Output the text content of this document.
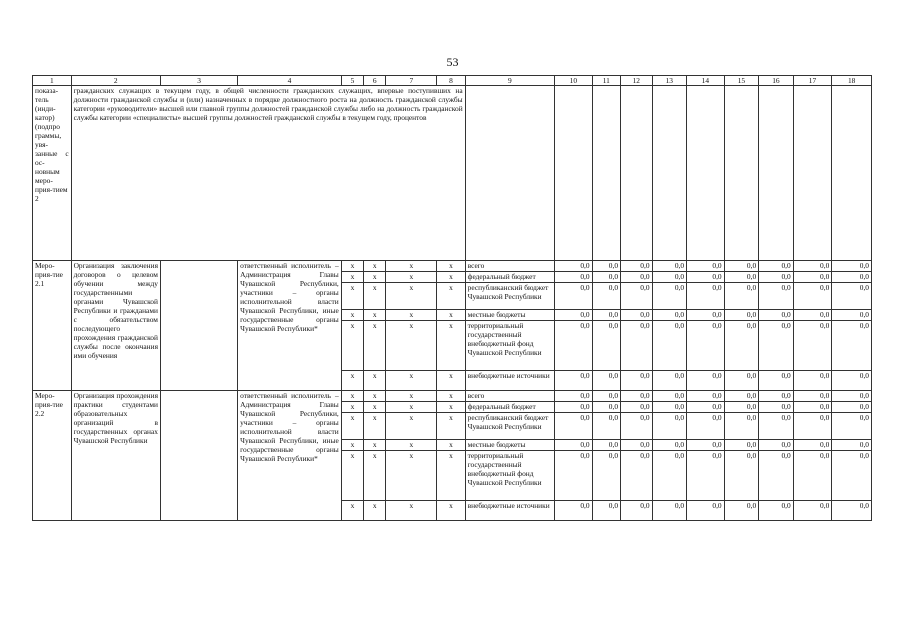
53
1	2	3	4	5	6	7	8	9	10	11	12	13	14	15	16	17	18
показа-тель (инди-катор) (подпро граммы, увя-занные с ос-новным меро-прия-тием 2	гражданских служащих в текущем году, в общей численности гражданских служащих, впервые поступивших на должности гражданской службы и (или) назначенных в порядке должностного роста на должность гражданской службы категории «руководители» высшей или главной группы должностей гражданской службы либо на должность гражданской службы категории «специалисты» высшей группы должностей гражданской службы в текущем году, процентов																
Меро-прия-тие 2.1	Организация заключения договоров о целевом обучении между государственными органами Чувашской Республики и гражданами с обязательством последующего прохождения гражданской службы после окончания ими обучения		ответственный исполнитель – Администрация Главы Чувашской Республики, участники – органы исполнительной власти Чувашской Республики, иные государственные органы Чувашской Республики*	х	х	х	х	всего	0,0	0,0	0,0	0,0	0,0	0,0	0,0	0,0	0,0
				х	х	х	х	федеральный бюджет	0,0	0,0	0,0	0,0	0,0	0,0	0,0	0,0	0,0
				х	х	х	х	республиканский бюджет Чувашской Республики	0,0	0,0	0,0	0,0	0,0	0,0	0,0	0,0	0,0
				х	х	х	х	местные бюджеты	0,0	0,0	0,0	0,0	0,0	0,0	0,0	0,0	0,0
				х	х	х	х	территориальный государственный внебюджетный фонд Чувашской Республики	0,0	0,0	0,0	0,0	0,0	0,0	0,0	0,0	0,0
				х	х	х	х	внебюджетные источники	0,0	0,0	0,0	0,0	0,0	0,0	0,0	0,0	0,0
Меро-прия-тие 2.2	Организация прохождения практики студентами образовательных организаций в государственных органах Чувашской Республики		ответственный исполнитель – Администрация Главы Чувашской Республики, участники – органы исполнительной власти Чувашской Республики, иные государственные органы Чувашской Республики*	х	х	х	х	всего	0,0	0,0	0,0	0,0	0,0	0,0	0,0	0,0	0,0
				х	х	х	х	федеральный бюджет	0,0	0,0	0,0	0,0	0,0	0,0	0,0	0,0	0,0
				х	х	х	х	республиканский бюджет Чувашской Республики	0,0	0,0	0,0	0,0	0,0	0,0	0,0	0,0	0,0
				х	х	х	х	местные бюджеты	0,0	0,0	0,0	0,0	0,0	0,0	0,0	0,0	0,0
				х	х	х	х	территориальный государственный внебюджетный фонд Чувашской Республики	0,0	0,0	0,0	0,0	0,0	0,0	0,0	0,0	0,0
				х	х	х	х	внебюджетные источники	0,0	0,0	0,0	0,0	0,0	0,0	0,0	0,0	0,0
